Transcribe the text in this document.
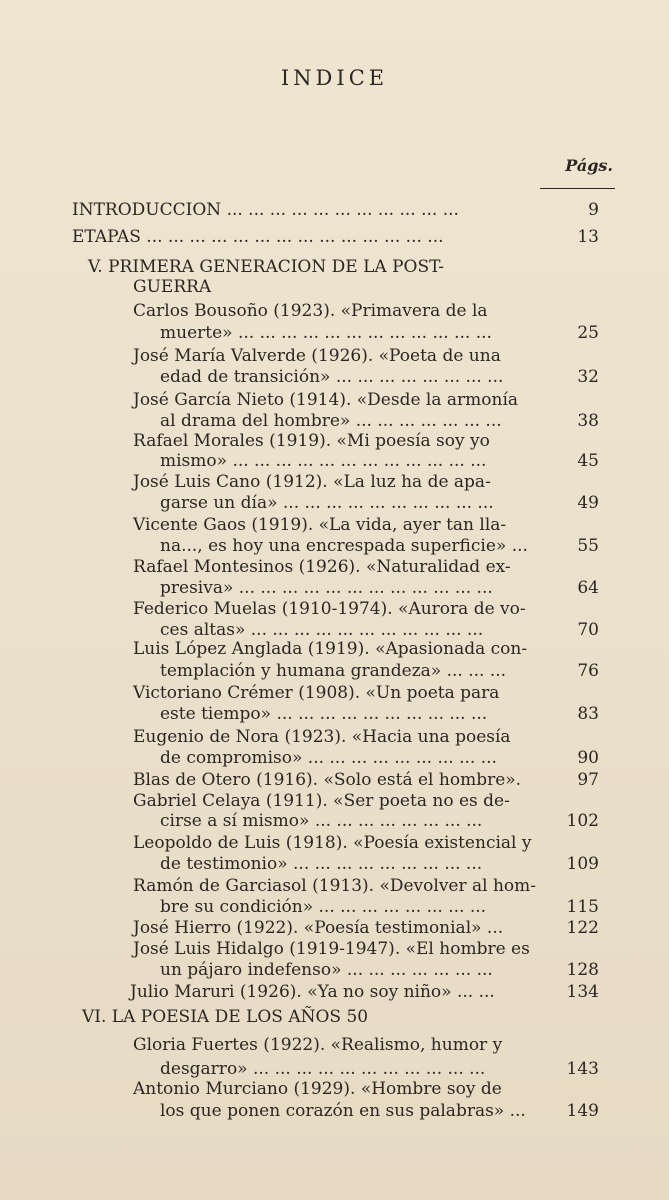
INDICE
Págs.
INTRODUCCION ... ... ... ... ... ... ... ... ... ... ...	9
ETAPAS ... ... ... ... ... ... ... ... ... ... ... ... ... ...	13
V. PRIMERA GENERACION DE LA POST-
GUERRA
Carlos Bousoño (1923). «Primavera de la
muerte» ... ... ... ... ... ... ... ... ... ... ... ...	25
José María Valverde (1926). «Poeta de una
edad de transición» ... ... ... ... ... ... ... ...	32
José García Nieto (1914). «Desde la armonía
al drama del hombre» ... ... ... ... ... ... ...	38
Rafael Morales (1919). «Mi poesía soy yo
mismo» ... ... ... ... ... ... ... ... ... ... ... ...	45
José Luis Cano (1912). «La luz ha de apa-
garse un día» ... ... ... ... ... ... ... ... ... ...	49
Vicente Gaos (1919). «La vida, ayer tan lla-
na..., es hoy una encrespada superficie» ...	55
Rafael Montesinos (1926). «Naturalidad ex-
presiva» ... ... ... ... ... ... ... ... ... ... ... ...	64
Federico Muelas (1910-1974). «Aurora de vo-
ces altas» ... ... ... ... ... ... ... ... ... ... ...	70
Luis López Anglada (1919). «Apasionada con-
templación y humana grandeza» ... ... ...	76
Victoriano Crémer (1908). «Un poeta para
este tiempo» ... ... ... ... ... ... ... ... ... ...	83
Eugenio de Nora (1923). «Hacia una poesía
de compromiso» ... ... ... ... ... ... ... ... ...	90
Blas de Otero (1916). «Solo está el hombre».	97
Gabriel Celaya (1911). «Ser poeta no es de-
cirse a sí mismo» ... ... ... ... ... ... ... ...	102
Leopoldo de Luis (1918). «Poesía existencial y
de testimonio» ... ... ... ... ... ... ... ... ...	109
Ramón de Garciasol (1913). «Devolver al hom-
bre su condición» ... ... ... ... ... ... ... ...	115
José Hierro (1922). «Poesía testimonial» ...	122
José Luis Hidalgo (1919-1947). «El hombre es
un pájaro indefenso» ... ... ... ... ... ... ...	128
Julio Maruri (1926). «Ya no soy niño» ... ...	134
VI. LA POESIA DE LOS AÑOS 50
Gloria Fuertes (1922). «Realismo, humor y
desgarro» ... ... ... ... ... ... ... ... ... ... ...	143
Antonio Murciano (1929). «Hombre soy de
los que ponen corazón en sus palabras» ... 149
